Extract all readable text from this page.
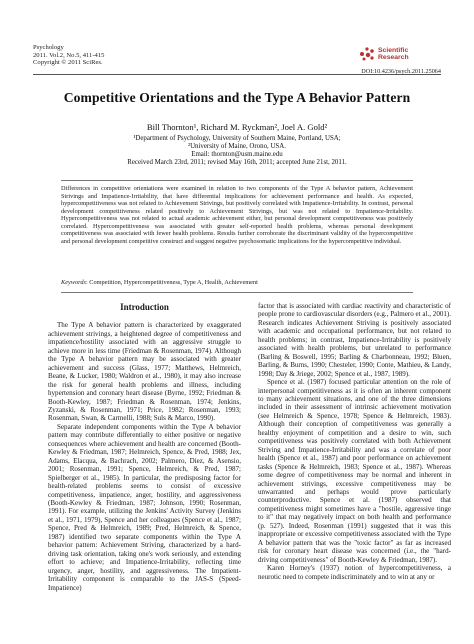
Psychology
2011. Vol.2, No.5, 411-415
Copyright © 2011 SciRes.
Scientific
Research
DOI:10.4236/psych.2011.25064
Competitive Orientations and the Type A Behavior Pattern
Bill Thornton¹, Richard M. Ryckman², Joel A. Gold²
¹Department of Psychology, University of Southern Maine, Portland, USA;
²University of Maine, Orono, USA.
Email: thornton@usm.maine.edu
Received March 23rd, 2011; revised May 16th, 2011; accepted June 21st, 2011.
Differences in competitive orientations were examined in relation to two components of the Type A behavior pattern, Achievement Strivings and Impatience-Irritability, that have differential implications for achievement performance and health. As expected, hypercompetitiveness was not related to Achievement Strivings, but positively correlated with Impatience-Irritability. In contrast, personal development competitiveness related positively to Achievement Strivings, but was not related to Impatience-Irritability. Hypercompetitiveness was not related to actual academic achievement either, but personal development competitiveness was positively correlated. Hypercompetitiveness was associated with greater self-reported health problems, whereas personal development competitiveness was associated with fewer health problems. Results further corroborate the discriminant validity of the hypercompetitive and personal development competitive construct and suggest negative psychosomatic implications for the hypercompetitive individual.
Keywords: Competition, Hypercompetitiveness, Type A, Health, Achievement
Introduction

The Type A behavior pattern is characterized by exaggerated achievement strivings, a heightened degree of competitiveness and impatience/hostility associated with an aggressive struggle to achieve more in less time (Friedman & Rosenman, 1974). Although the Type A behavior pattern may be associated with greater achievement and success (Glass, 1977; Matthews, Helmreich, Beane, & Lucker, 1980; Waldron et al., 1980), it may also increase the risk for general health problems and illness, including hypertension and coronary heart disease (Byrne, 1992; Friedman & Booth-Kewley, 1987; Friedman & Rosenman, 1974; Jenkins, Zyzanski, & Rosenman, 1971; Price, 1982; Rosenman, 1993; Rosenman, Swan, & Carmelli, 1988; Suls & Marco, 1990).

Separate independent components within the Type A behavior pattern may contribute differentially to either positive or negative consequences where achievement and health are concerned (Booth-Kewley & Friedman, 1987; Helmreich, Spence, & Pred, 1988; Jex, Adams, Elacqua, & Bachrach, 2002; Palmero, Diez, & Asensio, 2001; Rosenman, 1991; Spence, Helmreich, & Pred, 1987; Spielberger et al., 1985). In particular, the predisposing factor for health-related problems seems to consist of excessive competitiveness, impatience, anger, hostility, and aggressiveness (Booth-Kewley & Friedman, 1987; Johnson, 1990; Rosenman, 1991). For example, utilizing the Jenkins' Activity Survey (Jenkins et al., 1971, 1979), Spence and her colleagues (Spence et al., 1987; Spence, Pred & Helmreich, 1989; Pred, Helmreich, & Spence, 1987) identified two separate components within the Type A behavior pattern: Achievement Striving, characterized by a hard-driving task orientation, taking one's work seriously, and extending effort to achieve; and Impatience-Irritability, reflecting time urgency, anger, hostility, and aggressiveness. The Impatient-Irritability component is comparable to the JAS-S (Speed-Impatience)

factor that is associated with cardiac reactivity and characteristic of people prone to cardiovascular disorders (e.g., Palmero et al., 2001). Research indicates Achievement Striving is positively associated with academic and occupational performance, but not related to health problems; in contrast, Impatience-Irritability is positively associated with health problems, but unrelated to performance (Barling & Boswell, 1995; Barling & Charbonneau, 1992; Bluen, Barling, & Burns, 1990; Chesteler, 1990; Conte, Mathieu, & Landy, 1998; Day & Jriege, 2002; Spence et al., 1987, 1989).

Spence et al. (1987) focused particular attention on the role of interpersonal competitiveness as it is often an inherent component to many achievement situations, and one of the three dimensions included in their assessment of intrinsic achievement motivation (see Helmreich & Spence, 1978; Spence & Helmreich, 1983). Although their conception of competitiveness was generally a healthy enjoyment of competition and a desire to win, such competitiveness was positively correlated with both Achievement Striving and Impatience-Irritability and was a correlate of poor health (Spence et al., 1987) and poor performance on achievement tasks (Spence & Helmreich, 1983; Spence et al., 1987). Whereas some degree of competitiveness may be normal and inherent in achievement strivings, excessive competitiveness may be unwarranted and perhaps would prove particularly counterproductive. Spence et al. (1987) observed that competitiveness might sometimes have a "hostile, aggressive tinge to it" that may negatively impact on both health and performance (p. 527). Indeed, Rosenman (1991) suggested that it was this inappropriate or excessive competitiveness associated with the Type A behavior pattern that was the "toxic factor" as far as increased risk for coronary heart disease was concerned (i.e., the "hard-driving competitiveness" of Booth-Kewley & Friedman, 1987).

Karen Horney's (1937) notion of hypercompetitiveness, a neurotic need to compete indiscriminately and to win at any or
